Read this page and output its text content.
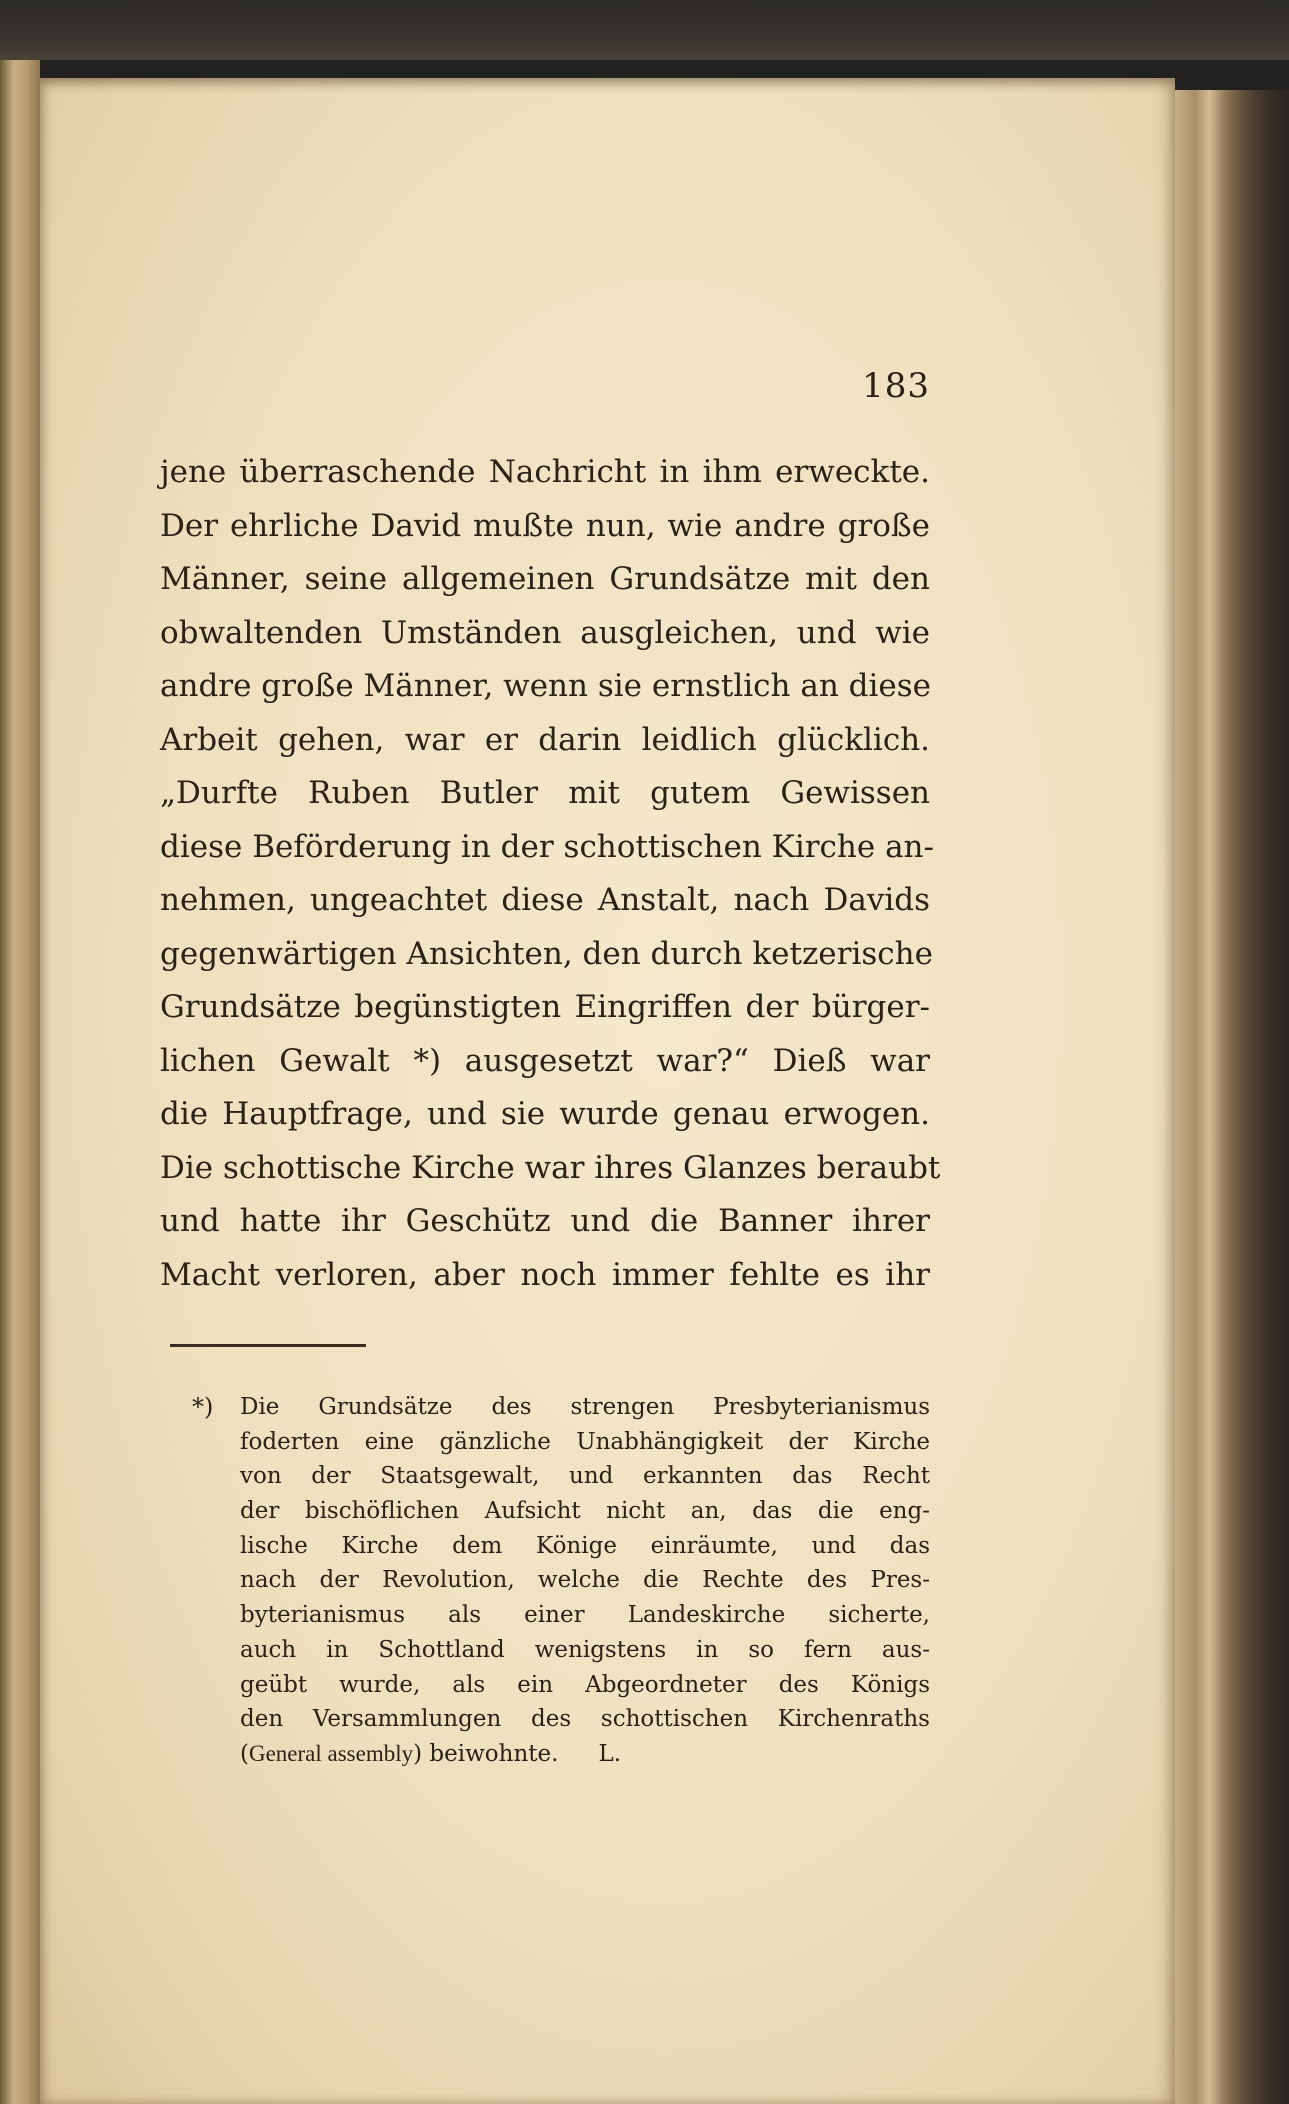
183
jene überraschende Nachricht in ihm erweckte.
Der ehrliche David mußte nun, wie andre große
Männer, seine allgemeinen Grundsätze mit den
obwaltenden Umständen ausgleichen, und wie
andre große Männer, wenn sie ernstlich an diese
Arbeit gehen, war er darin leidlich glücklich.
„Durfte Ruben Butler mit gutem Gewissen
diese Beförderung in der schottischen Kirche an-
nehmen, ungeachtet diese Anstalt, nach Davids
gegenwärtigen Ansichten, den durch ketzerische
Grundsätze begünstigten Eingriffen der bürger-
lichen Gewalt *) ausgesetzt war?“ Dieß war
die Hauptfrage, und sie wurde genau erwogen.
Die schottische Kirche war ihres Glanzes beraubt
und hatte ihr Geschütz und die Banner ihrer
Macht verloren, aber noch immer fehlte es ihr
*) Die Grundsätze des strengen Presbyterianismus
foderten eine gänzliche Unabhängigkeit der Kirche
von der Staatsgewalt, und erkannten das Recht
der bischöflichen Aufsicht nicht an, das die eng-
lische Kirche dem Könige einräumte, und das
nach der Revolution, welche die Rechte des Pres-
byterianismus als einer Landeskirche sicherte,
auch in Schottland wenigstens in so fern aus-
geübt wurde, als ein Abgeordneter des Königs
den Versammlungen des schottischen Kirchenraths
(General assembly) beiwohnte. L.
